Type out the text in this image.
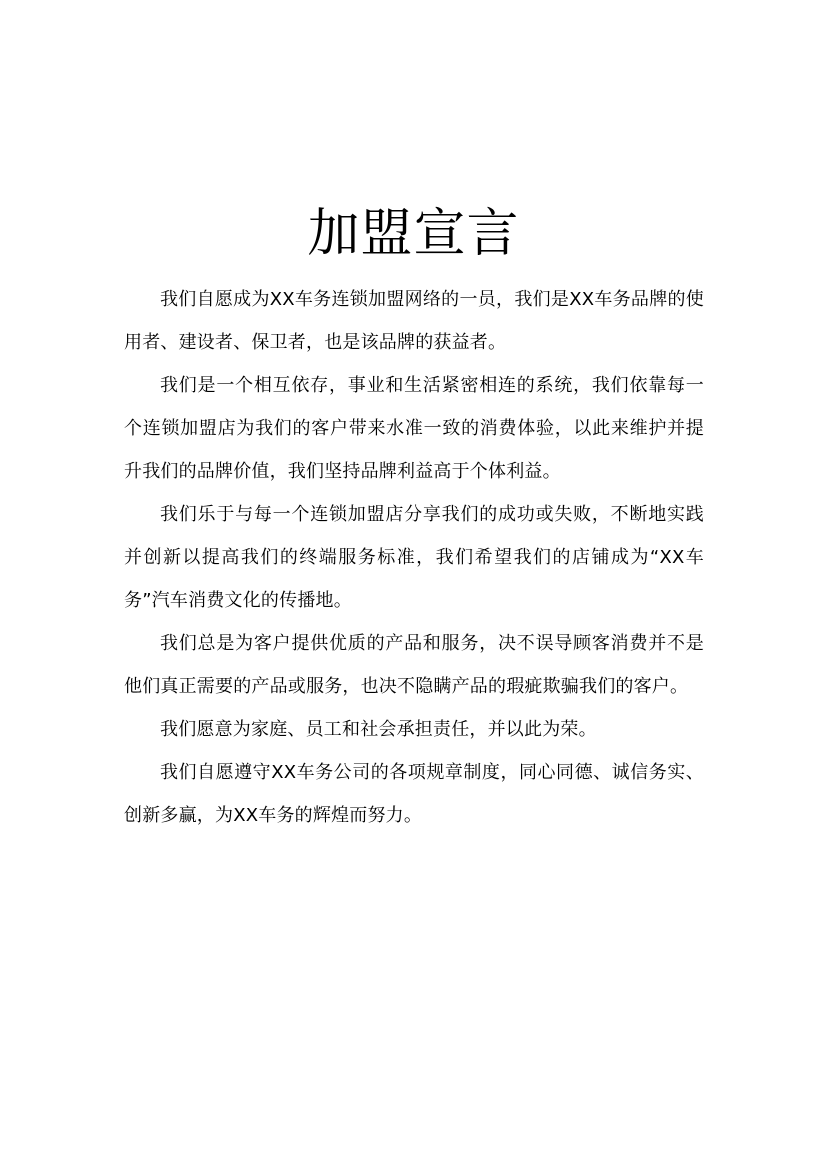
加盟宣言

我们自愿成为XX车务连锁加盟网络的一员，我们是XX车务品牌的使用者、建设者、保卫者，也是该品牌的获益者。

我们是一个相互依存，事业和生活紧密相连的系统，我们依靠每一个连锁加盟店为我们的客户带来水准一致的消费体验，以此来维护并提升我们的品牌价值，我们坚持品牌利益高于个体利益。

我们乐于与每一个连锁加盟店分享我们的成功或失败，不断地实践并创新以提高我们的终端服务标准，我们希望我们的店铺成为“XX车务”汽车消费文化的传播地。

我们总是为客户提供优质的产品和服务，决不误导顾客消费并不是他们真正需要的产品或服务，也决不隐瞒产品的瑕疵欺骗我们的客户。

我们愿意为家庭、员工和社会承担责任，并以此为荣。

我们自愿遵守XX车务公司的各项规章制度，同心同德、诚信务实、创新多赢，为XX车务的辉煌而努力。
